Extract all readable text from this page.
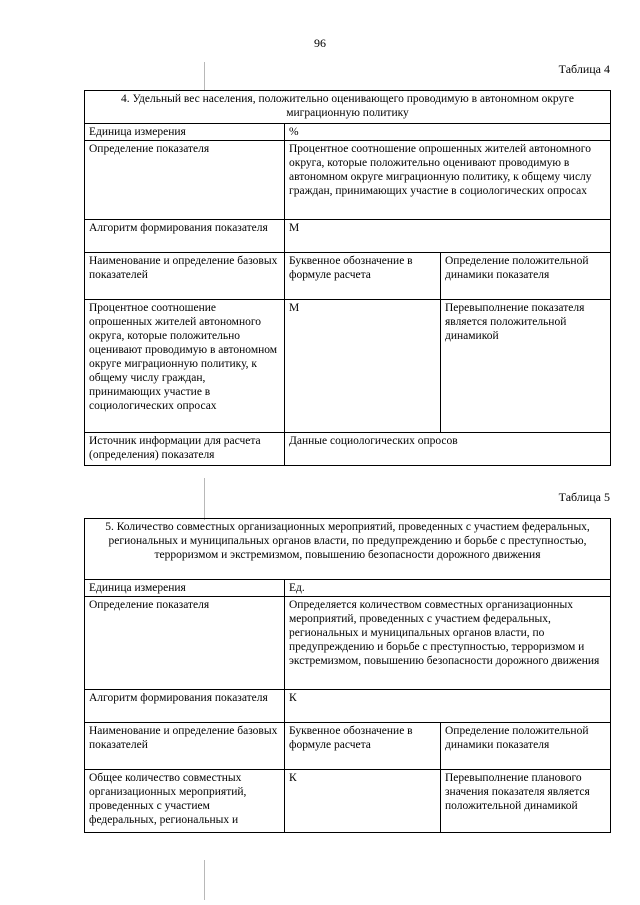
96
Таблица 4
4. Удельный вес населения, положительно оценивающего проводимую в автономном округе миграционную политику		
Единица измерения	%	
Определение показателя	Процентное соотношение опрошенных жителей автономного округа, которые положительно оценивают проводимую в автономном округе миграционную политику, к общему числу граждан, принимающих участие в социологических опросах	
Алгоритм формирования показателя	М	
Наименование и определение базовых показателей	Буквенное обозначение в формуле расчета	Определение положительной динамики показателя
Процентное соотношение опрошенных жителей автономного округа, которые положительно оценивают проводимую в автономном округе миграционную политику, к общему числу граждан, принимающих участие в социологических опросах	М	Перевыполнение показателя является положительной динамикой
Источник информации для расчета (определения) показателя	Данные социологических опросов	
Таблица 5
5. Количество совместных организационных мероприятий, проведенных с участием федеральных, региональных и муниципальных органов власти, по предупреждению и борьбе с преступностью, терроризмом и экстремизмом, повышению безопасности дорожного движения		
Единица измерения	Ед.	
Определение показателя	Определяется количеством совместных организационных мероприятий, проведенных с участием федеральных, региональных и муниципальных органов власти, по предупреждению и борьбе с преступностью, терроризмом и экстремизмом, повышению безопасности дорожного движения	
Алгоритм формирования показателя	К	
Наименование и определение базовых показателей	Буквенное обозначение в формуле расчета	Определение положительной динамики показателя
Общее количество совместных организационных мероприятий, проведенных с участием федеральных, региональных и	К	Перевыполнение планового значения показателя является положительной динамикой
